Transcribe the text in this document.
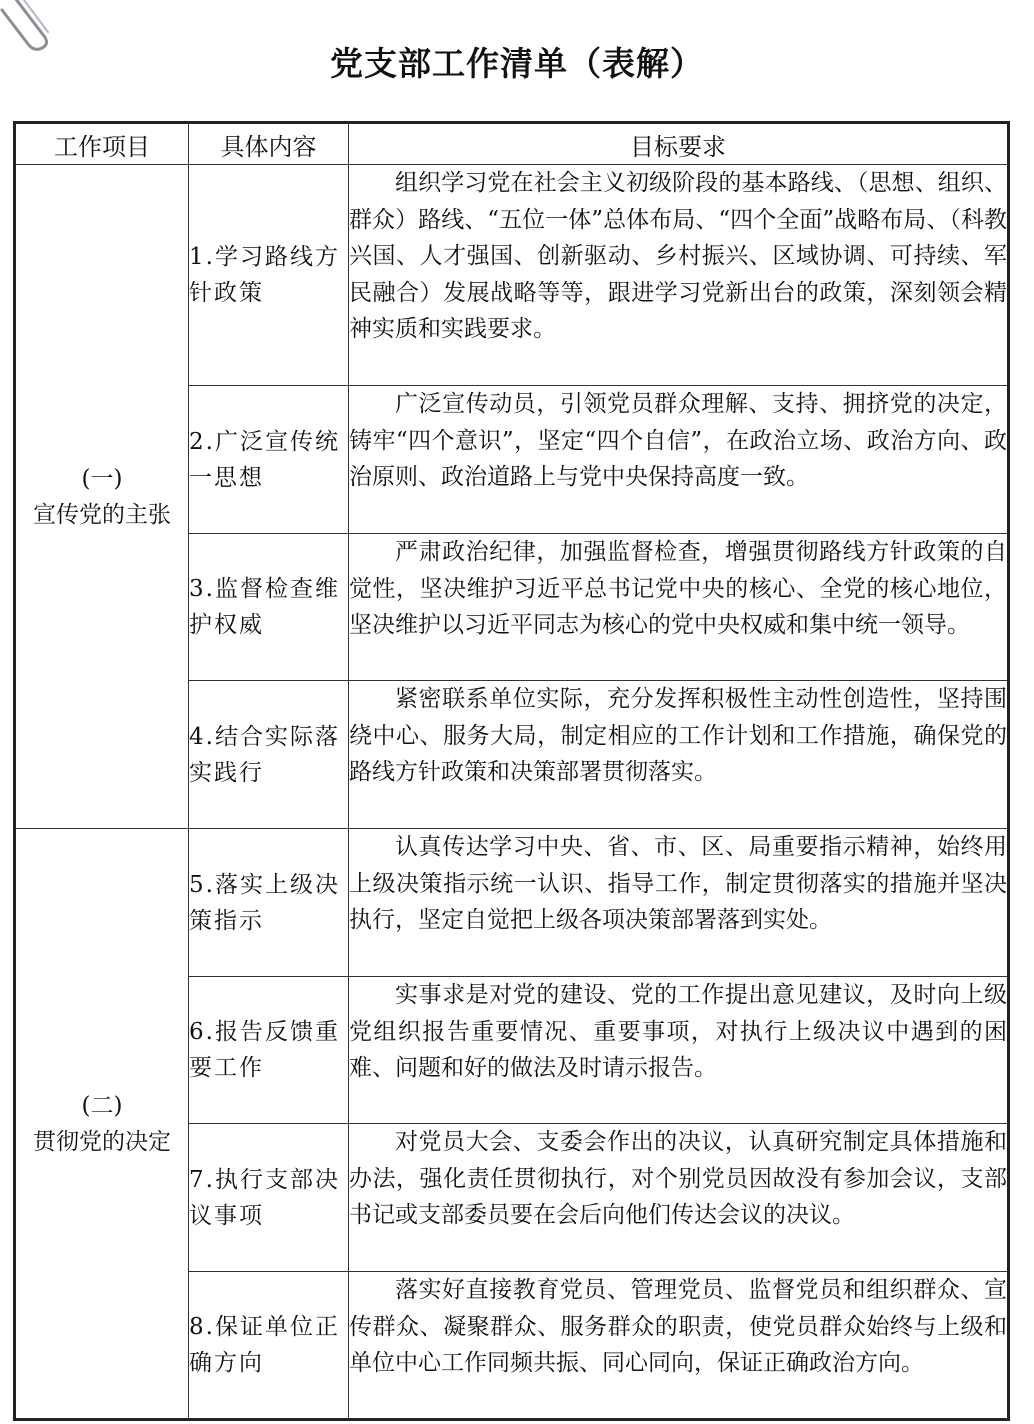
党支部工作清单（表解）
工作项目	具体内容	目标要求

(一)
宣传党的主张	1.学习路线方针政策	组织学习党在社会主义初级阶段的基本路线、（思想、组织、群众）路线、“五位一体”总体布局、“四个全面”战略布局、（科教兴国、人才强国、创新驱动、乡村振兴、区域协调、可持续、军民融合）发展战略等等，跟进学习党新出台的政策，深刻领会精神实质和实践要求。
	2.广泛宣传统一思想	广泛宣传动员，引领党员群众理解、支持、拥挤党的决定，铸牢“四个意识”，坚定“四个自信”，在政治立场、政治方向、政治原则、政治道路上与党中央保持高度一致。
	3.监督检查维护权威	严肃政治纪律，加强监督检查，增强贯彻路线方针政策的自觉性，坚决维护习近平总书记党中央的核心、全党的核心地位，坚决维护以习近平同志为核心的党中央权威和集中统一领导。
	4.结合实际落实践行	紧密联系单位实际，充分发挥积极性主动性创造性，坚持围绕中心、服务大局，制定相应的工作计划和工作措施，确保党的路线方针政策和决策部署贯彻落实。

(二)
贯彻党的决定	5.落实上级决策指示	认真传达学习中央、省、市、区、局重要指示精神，始终用上级决策指示统一认识、指导工作，制定贯彻落实的措施并坚决执行，坚定自觉把上级各项决策部署落到实处。
	6.报告反馈重要工作	实事求是对党的建设、党的工作提出意见建议，及时向上级党组织报告重要情况、重要事项，对执行上级决议中遇到的困难、问题和好的做法及时请示报告。
	7.执行支部决议事项	对党员大会、支委会作出的决议，认真研究制定具体措施和办法，强化责任贯彻执行，对个别党员因故没有参加会议，支部书记或支部委员要在会后向他们传达会议的决议。
	8.保证单位正确方向	落实好直接教育党员、管理党员、监督党员和组织群众、宣传群众、凝聚群众、服务群众的职责，使党员群众始终与上级和单位中心工作同频共振、同心同向，保证正确政治方向。
